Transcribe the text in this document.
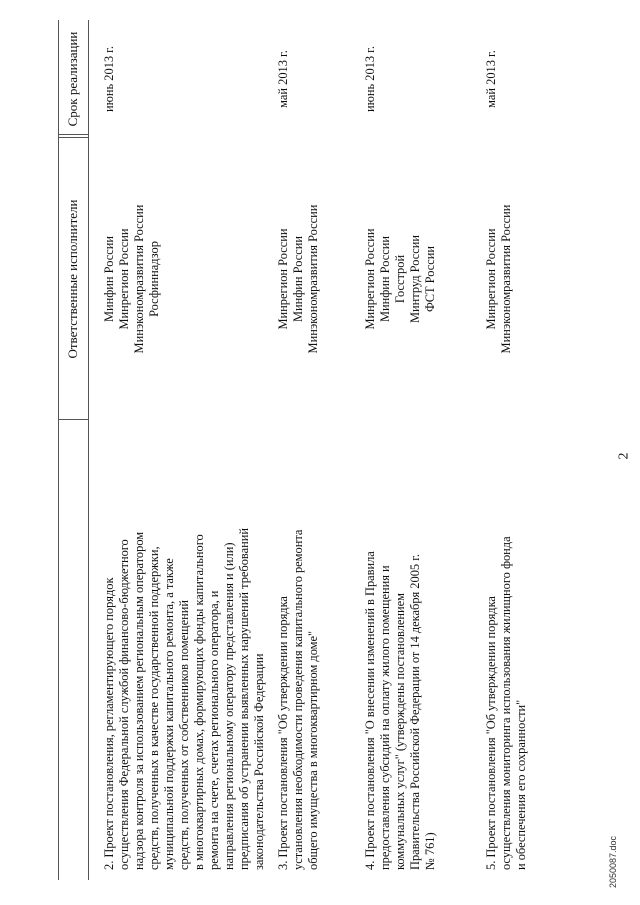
2
2050087.doc
Ответственные исполнители
Срок реализации
2. Проект постановления, регламентирующего порядок осуществления Федеральной службой финансово-бюджетного надзора контроля за использованием региональным оператором средств, полученных в качестве государственной поддержки, муниципальной поддержки капитального ремонта, а также средств, полученных от собственников помещений в многоквартирных домах, формирующих фонды капитального ремонта на счете, счетах регионального оператора, и направления региональному оператору представления и (или) предписания об устранении выявленных нарушений требований законодательства Российской Федерации
Минфин России Минрегион России Минэкономразвития России Росфиннадзор
июнь 2013 г.
3. Проект постановления "Об утверждении порядка установления необходимости проведения капитального ремонта общего имущества в многоквартирном доме"
Минрегион России Минфин России Минэкономразвития России
май 2013 г.
4. Проект постановления "О внесении изменений в Правила предоставления субсидий на оплату жилого помещения и коммунальных услуг" (утверждены постановлением Правительства Российской Федерации от 14 декабря 2005 г. № 761)
Минрегион России Минфин России Госстрой Минтруд России ФСТ России
июнь 2013 г.
5. Проект постановления "Об утверждении порядка осуществления мониторинга использования жилищного фонда и обеспечения его сохранности"
Минрегион России Минэкономразвития России
май 2013 г.
